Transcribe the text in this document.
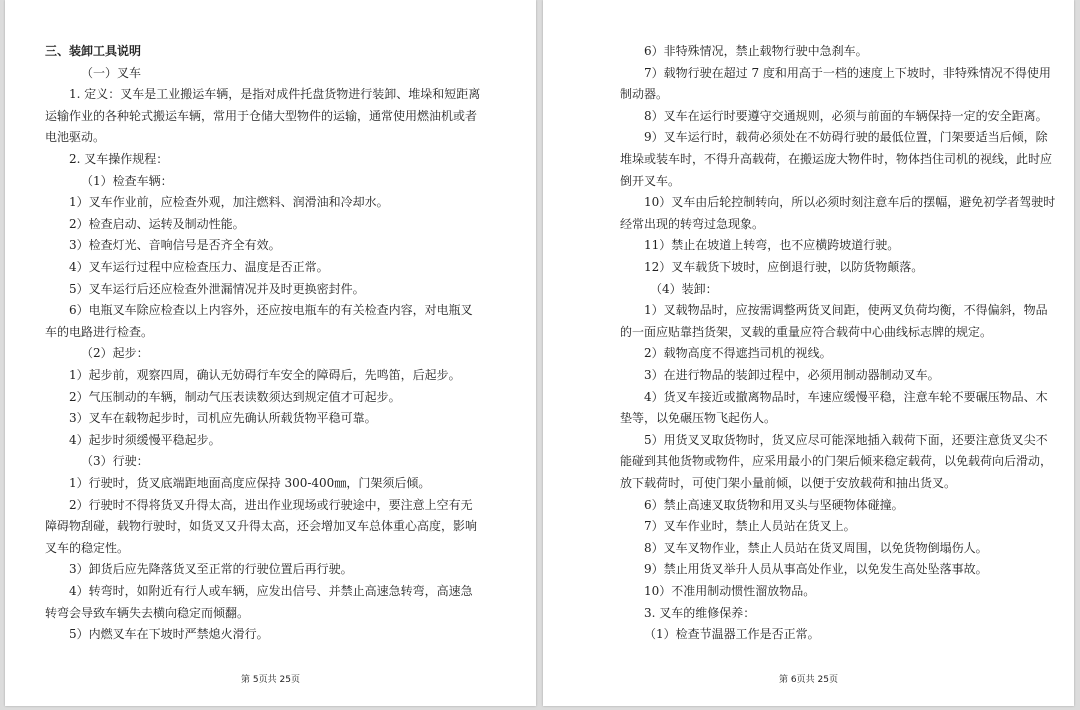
第 5页共 25页
三、装卸工具说明
（一）叉车
1. 定义：叉车是工业搬运车辆，是指对成件托盘货物进行装卸、堆垛和短距离
运输作业的各种轮式搬运车辆，常用于仓储大型物件的运输，通常使用燃油机或者
电池驱动。
2. 叉车操作规程：
（1）检查车辆：
1）叉车作业前，应检查外观，加注燃料、润滑油和冷却水。
2）检查启动、运转及制动性能。
3）检查灯光、音响信号是否齐全有效。
4）叉车运行过程中应检查压力、温度是否正常。
5）叉车运行后还应检查外泄漏情况并及时更换密封件。
6）电瓶叉车除应检查以上内容外，还应按电瓶车的有关检查内容，对电瓶叉
车的电路进行检查。
（2）起步：
1）起步前，观察四周，确认无妨碍行车安全的障碍后，先鸣笛，后起步。
2）气压制动的车辆，制动气压表读数须达到规定值才可起步。
3）叉车在载物起步时，司机应先确认所载货物平稳可靠。
4）起步时须缓慢平稳起步。
（3）行驶：
1）行驶时，货叉底端距地面高度应保持 300-400㎜，门架须后倾。
2）行驶时不得将货叉升得太高，进出作业现场或行驶途中，要注意上空有无
障碍物刮碰，载物行驶时，如货叉又升得太高，还会增加叉车总体重心高度，影响
叉车的稳定性。
3）卸货后应先降落货叉至正常的行驶位置后再行驶。
4）转弯时，如附近有行人或车辆，应发出信号、并禁止高速急转弯，高速急
转弯会导致车辆失去横向稳定而倾翻。
5）内燃叉车在下坡时严禁熄火滑行。
第 6页共 25页
6）非特殊情况，禁止载物行驶中急刹车。
7）载物行驶在超过 7 度和用高于一档的速度上下坡时，非特殊情况不得使用
制动器。
8）叉车在运行时要遵守交通规则，必须与前面的车辆保持一定的安全距离。
9）叉车运行时，载荷必须处在不妨碍行驶的最低位置，门架要适当后倾，除
堆垛或装车时，不得升高载荷，在搬运庞大物件时，物体挡住司机的视线，此时应
倒开叉车。
10）叉车由后轮控制转向，所以必须时刻注意车后的摆幅，避免初学者驾驶时
经常出现的转弯过急现象。
11）禁止在坡道上转弯，也不应横跨坡道行驶。
12）叉车载货下坡时，应倒退行驶，以防货物颠落。
（4）装卸：
1）叉载物品时，应按需调整两货叉间距，使两叉负荷均衡，不得偏斜，物品
的一面应贴靠挡货架，叉载的重量应符合载荷中心曲线标志牌的规定。
2）载物高度不得遮挡司机的视线。
3）在进行物品的装卸过程中，必须用制动器制动叉车。
4）货叉车接近或撤离物品时，车速应缓慢平稳，注意车轮不要碾压物品、木
垫等，以免碾压物飞起伤人。
5）用货叉叉取货物时，货叉应尽可能深地插入载荷下面，还要注意货叉尖不
能碰到其他货物或物件，应采用最小的门架后倾来稳定载荷，以免载荷向后滑动，
放下载荷时，可使门架小量前倾，以便于安放载荷和抽出货叉。
6）禁止高速叉取货物和用叉头与坚硬物体碰撞。
7）叉车作业时，禁止人员站在货叉上。
8）叉车叉物作业，禁止人员站在货叉周围，以免货物倒塌伤人。
9）禁止用货叉举升人员从事高处作业，以免发生高处坠落事故。
10）不准用制动惯性溜放物品。
3. 叉车的维修保养：
（1）检查节温器工作是否正常。
